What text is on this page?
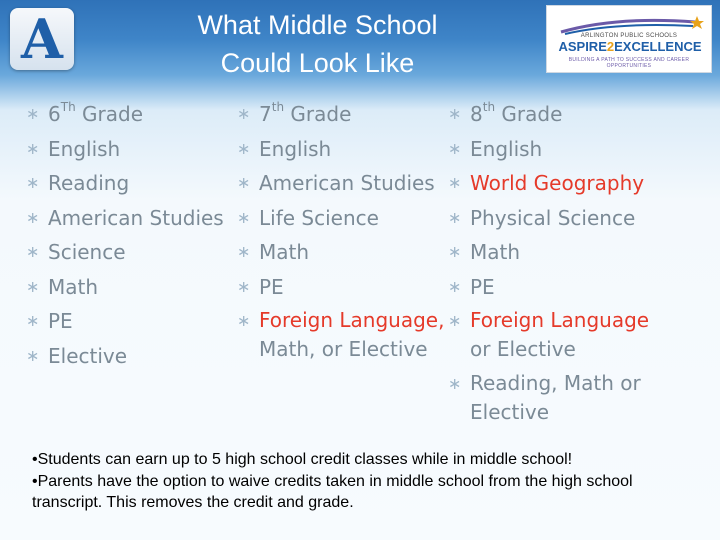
A	What Middle School
Could Look Like
ARLINGTON PUBLIC SCHOOLS
ASPIRE2EXCELLENCE
BUILDING A PATH TO SUCCESS AND CAREER OPPORTUNITIES
∗ 6Th Grade
∗ English
∗ Reading
∗ American Studies
∗ Science
∗ Math
∗ PE
∗ Elective
∗ 7th Grade
∗ English
∗ American Studies
∗ Life Science
∗ Math
∗ PE
∗ Foreign Language,
Math, or Elective
∗ 8th Grade
∗ English
∗ World Geography
∗ Physical Science
∗ Math
∗ PE
∗ Foreign Language
or Elective
∗ Reading, Math or Elective
•Students can earn up to 5 high school credit classes while in middle school!
•Parents have the option to waive credits taken in middle school from the high school transcript. This removes the credit and grade.
